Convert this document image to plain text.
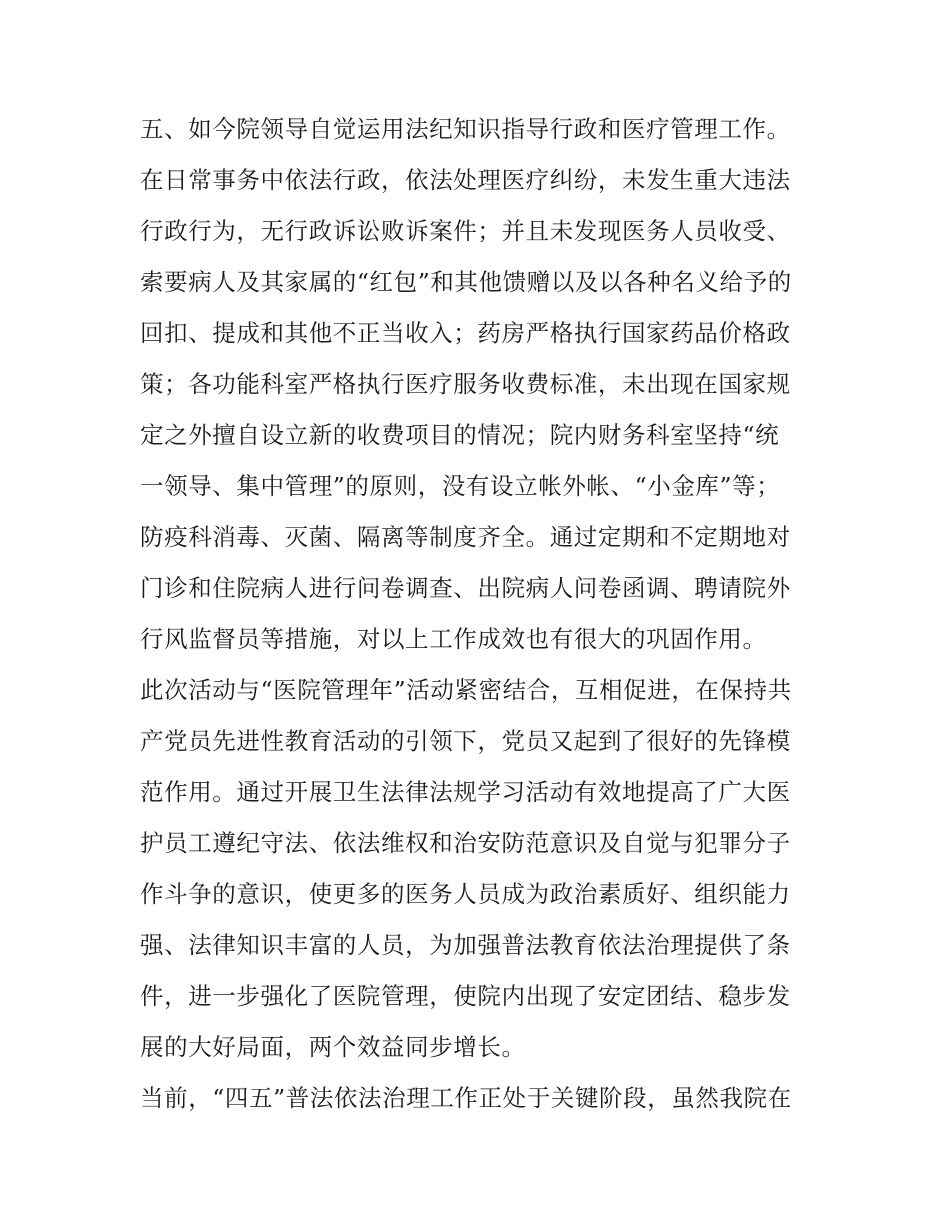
五、如今院领导自觉运用法纪知识指导行政和医疗管理工作。
在日常事务中依法行政，依法处理医疗纠纷，未发生重大违法
行政行为，无行政诉讼败诉案件；并且未发现医务人员收受、
索要病人及其家属的“红包”和其他馈赠以及以各种名义给予的
回扣、提成和其他不正当收入；药房严格执行国家药品价格政
策；各功能科室严格执行医疗服务收费标准，未出现在国家规
定之外擅自设立新的收费项目的情况；院内财务科室坚持“统
一领导、集中管理”的原则，没有设立帐外帐、“小金库”等；
防疫科消毒、灭菌、隔离等制度齐全。通过定期和不定期地对
门诊和住院病人进行问卷调查、出院病人问卷函调、聘请院外
行风监督员等措施，对以上工作成效也有很大的巩固作用。
此次活动与“医院管理年”活动紧密结合，互相促进，在保持共
产党员先进性教育活动的引领下，党员又起到了很好的先锋模
范作用。通过开展卫生法律法规学习活动有效地提高了广大医
护员工遵纪守法、依法维权和治安防范意识及自觉与犯罪分子
作斗争的意识，使更多的医务人员成为政治素质好、组织能力
强、法律知识丰富的人员，为加强普法教育依法治理提供了条
件，进一步强化了医院管理，使院内出现了安定团结、稳步发
展的大好局面，两个效益同步增长。
当前，“四五”普法依法治理工作正处于关键阶段，虽然我院在
